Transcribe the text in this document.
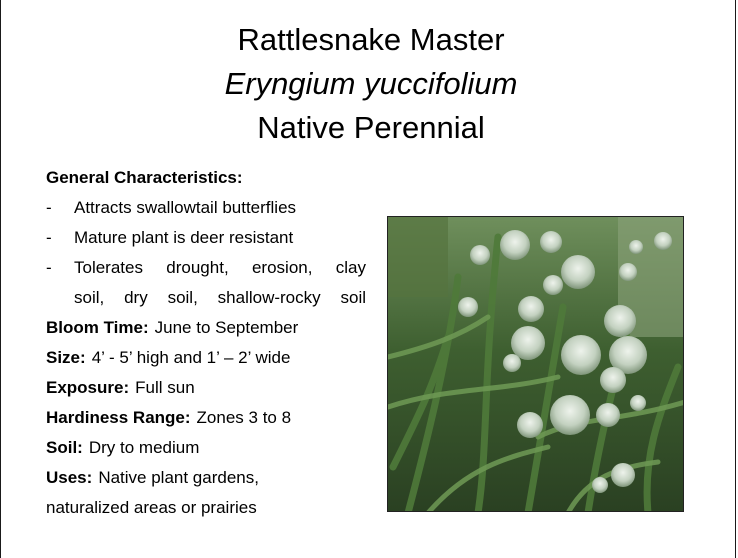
Rattlesnake Master
Eryngium yuccifolium
Native Perennial
General Characteristics:
- Attracts swallowtail butterflies
- Mature plant is deer resistant
- Tolerates drought, erosion, clay
soil, dry soil, shallow-rocky soil
Bloom Time: June to September
Size: 4’ - 5’ high and 1’ – 2’ wide
Exposure: Full sun
Hardiness Range: Zones 3 to 8
Soil: Dry to medium
Uses: Native plant gardens,
naturalized areas or prairies
